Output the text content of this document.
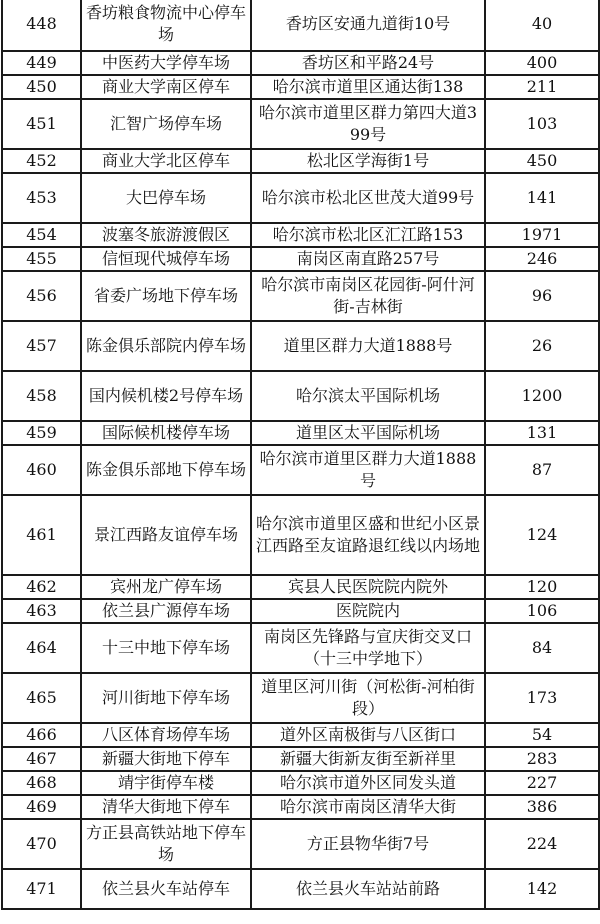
448	香坊粮食物流中心停车场	香坊区安通九道街10号	40
449	中医药大学停车场	香坊区和平路24号	400
450	商业大学南区停车	哈尔滨市道里区通达街138	211
451	汇智广场停车场	哈尔滨市道里区群力第四大道399号	103
452	商业大学北区停车	松北区学海街1号	450
453	大巴停车场	哈尔滨市松北区世茂大道99号	141
454	波塞冬旅游渡假区	哈尔滨市松北区汇江路153	1971
455	信恒现代城停车场	南岗区南直路257号	246
456	省委广场地下停车场	哈尔滨市南岗区花园街-阿什河街-吉林街	96
457	陈金俱乐部院内停车场	道里区群力大道1888号	26
458	国内候机楼2号停车场	哈尔滨太平国际机场	1200
459	国际候机楼停车场	道里区太平国际机场	131
460	陈金俱乐部地下停车场	哈尔滨市道里区群力大道1888号	87
461	景江西路友谊停车场	哈尔滨市道里区盛和世纪小区景江西路至友谊路退红线以内场地	124
462	宾州龙广停车场	宾县人民医院院内院外	120
463	依兰县广源停车场	医院院内	106
464	十三中地下停车场	南岗区先锋路与宣庆街交叉口（十三中学地下）	84
465	河川街地下停车场	道里区河川街（河松街-河柏街段）	173
466	八区体育场停车场	道外区南极街与八区街口	54
467	新疆大街地下停车	新疆大街新友街至新祥里	283
468	靖宇街停车楼	哈尔滨市道外区同发头道	227
469	清华大街地下停车	哈尔滨市南岗区清华大街	386
470	方正县高铁站地下停车场	方正县物华街7号	224
471	依兰县火车站停车	依兰县火车站站前路	142
